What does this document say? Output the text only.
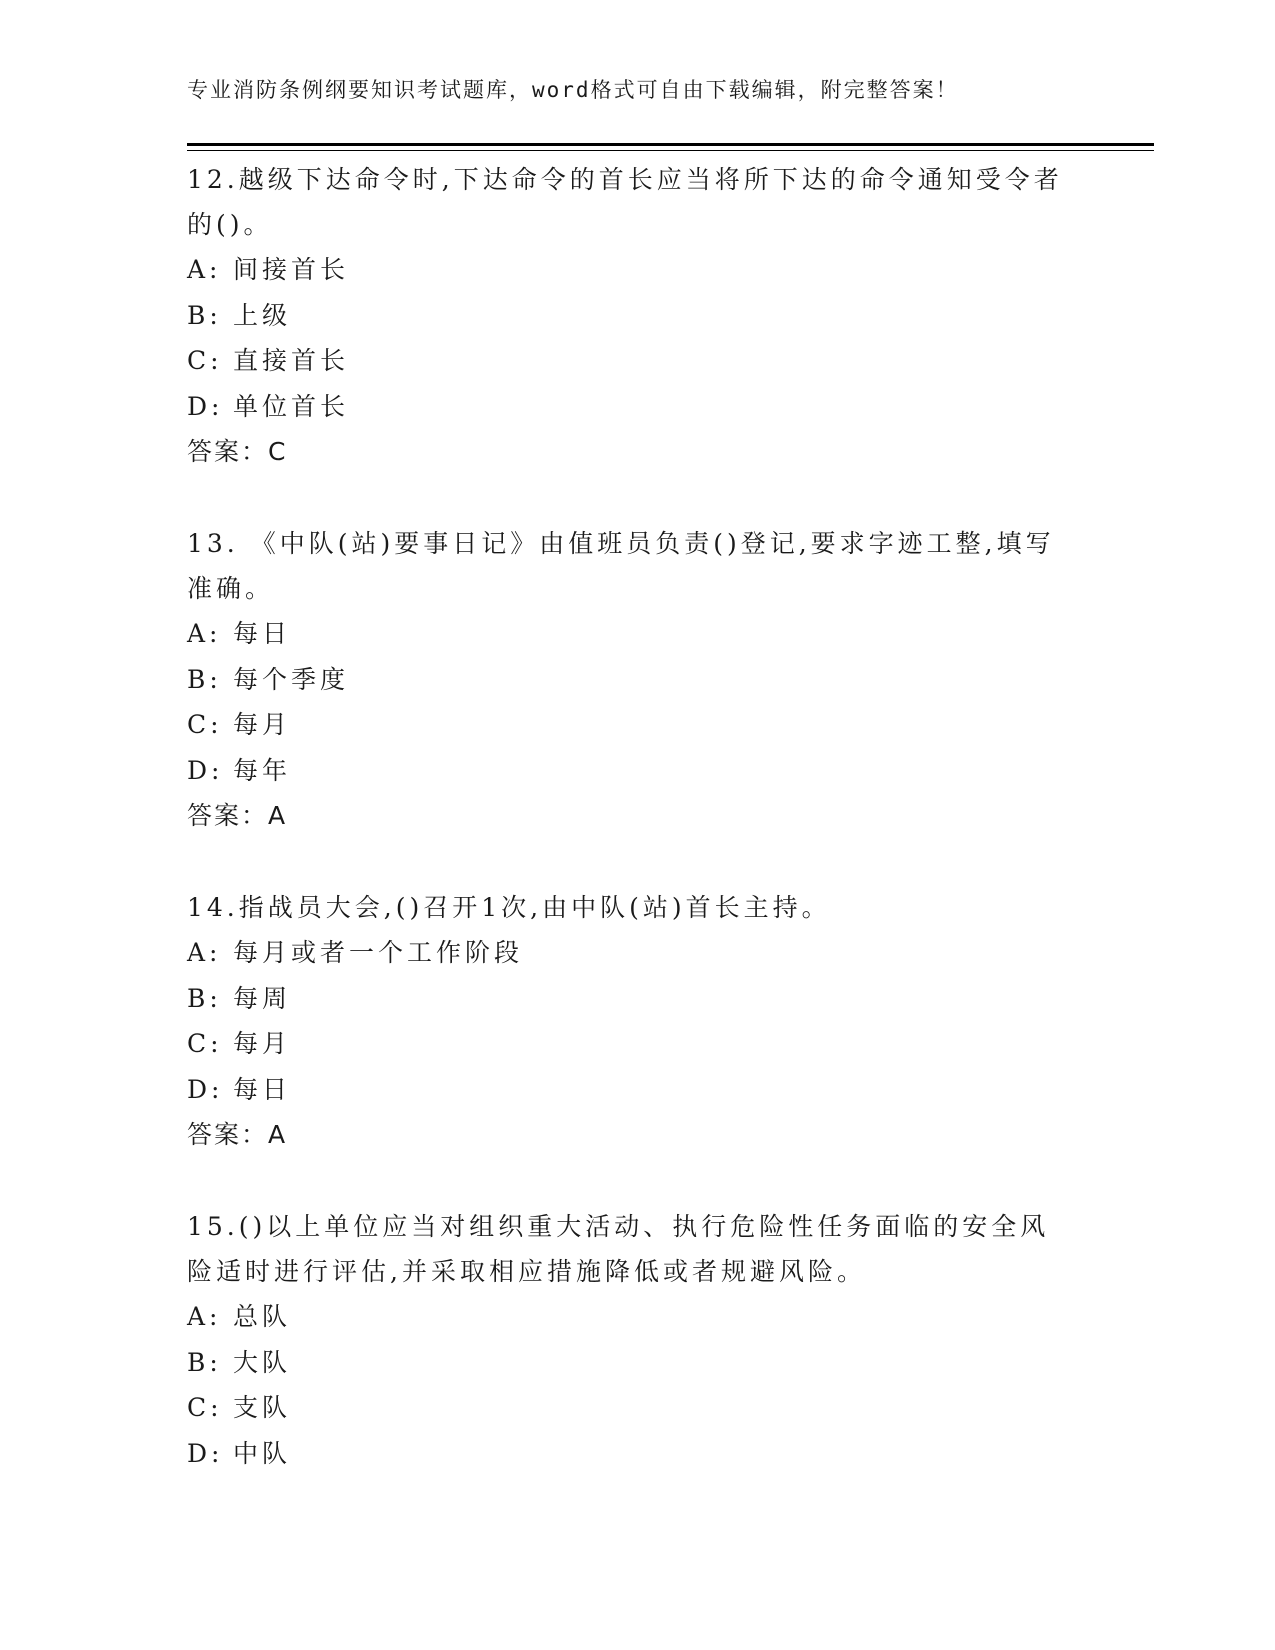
专业消防条例纲要知识考试题库，word格式可自由下载编辑，附完整答案！
12.越级下达命令时,下达命令的首长应当将所下达的命令通知受令者的()。
A: 间接首长
B: 上级
C: 直接首长
D: 单位首长
答案：C
13. 《中队(站)要事日记》由值班员负责()登记,要求字迹工整,填写准确。
A: 每日
B: 每个季度
C: 每月
D: 每年
答案：A
14.指战员大会,()召开1次,由中队(站)首长主持。
A: 每月或者一个工作阶段
B: 每周
C: 每月
D: 每日
答案：A
15.()以上单位应当对组织重大活动、执行危险性任务面临的安全风险适时进行评估,并采取相应措施降低或者规避风险。
A: 总队
B: 大队
C: 支队
D: 中队
